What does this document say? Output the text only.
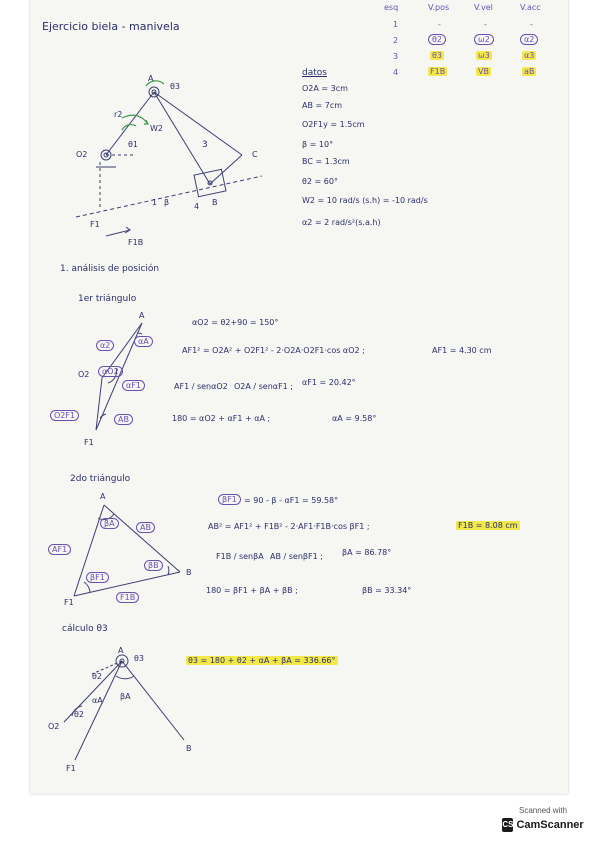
Ejercicio biela - manivela
esq	V.pos	V.vel	V.acc
1	-	-	-
2	θ2	ω2	α2
3	θ3	ω3	α3
4	F1B	VB	aB
O2
A
θ3
r2
W2
θ1	3
C
B
4
F1
1 β
F1B
datos
O2A = 3cm
AB = 7cm
O2F1y = 1.5cm
β = 10°
BC = 1.3cm
θ2 = 60°
W2 = 10 rad/s (s.h) = -10 rad/s
α2 = 2 rad/s²(s.a.h)
1. análisis de posición
1er triángulo
A
O2
F1
α2	αA
αO2
αF1
O2F1	AB
αO2 = θ2+90 = 150°
AF1² = O2A² + O2F1² - 2·O2A·O2F1·cos αO2 ;	AF1 = 4.30 cm
AF1 / senαO2 O2A / senαF1 ; αF1 = 20.42°
180 = αO2 + αF1 + αA ;	αA = 9.58°
2do triángulo
A
B
F1
βA	AB
AF1
βF1
βB
F1B
βF1 = 90 - β - αF1 = 59.58°
AB² = AF1² + F1B² - 2·AF1·F1B·cos βF1 ;	F1B = 8.08 cm
F1B / senβA AB / senβF1 ; βA = 86.78°
180 = βF1 + βA + βB ;	βB = 33.34°
cálculo θ3
A
θ3
θ2
αA βA
O2
θ2
F1
B
θ3 = 180 + θ2 + αA + βA = 336.66°
Scanned with
CS CamScanner
